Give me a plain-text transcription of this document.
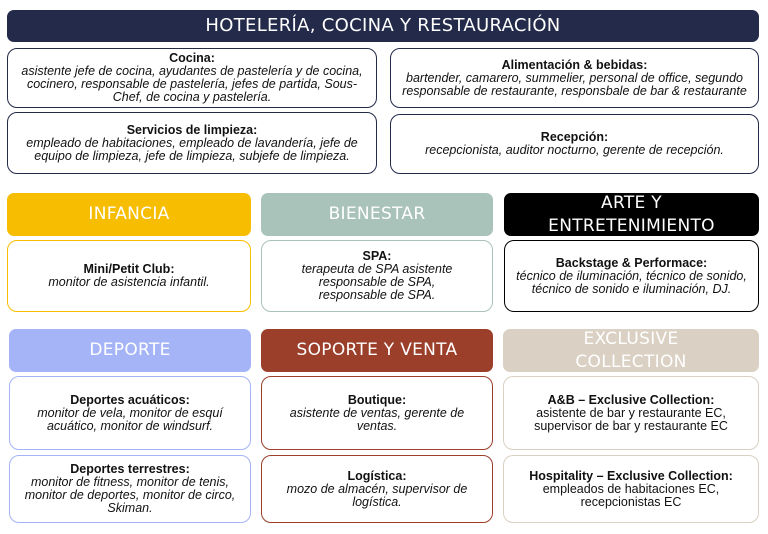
HOTELERÍA, COCINA Y RESTAURACIÓN
Cocina:
asistente jefe de cocina, ayudantes de pastelería y de cocina, cocinero, responsable de pastelería, jefes de partida, Sous-Chef, de cocina y pastelería.
Alimentación & bebidas:
bartender, camarero, summelier, personal de office, segundo responsable de restaurante, responsbale de bar & restaurante
Servicios de limpieza:
empleado de habitaciones, empleado de lavandería, jefe de equipo de limpieza, jefe de limpieza, subjefe de limpieza.
Recepción:
recepcionista, auditor nocturno, gerente de recepción.
INFANCIA	BIENESTAR
ARTE Y ENTRETENIMIENTO
Mini/Petit Club:
monitor de asistencia infantil.
SPA:
terapeuta de SPA asistente responsable de SPA, responsable de SPA.
Backstage & Performace:
técnico de iluminación, técnico de sonido, técnico de sonido e iluminación, DJ.
DEPORTE	SOPORTE Y VENTA
EXCLUSIVE COLLECTION
Deportes acuáticos:
monitor de vela, monitor de esquí acuático, monitor de windsurf.
Boutique:
asistente de ventas, gerente de ventas.
A&B – Exclusive Collection:
asistente de bar y restaurante EC, supervisor de bar y restaurante EC
Deportes terrestres:
monitor de fitness, monitor de tenis, monitor de deportes, monitor de circo, Skiman.
Logística:
mozo de almacén, supervisor de logística.
Hospitality – Exclusive Collection:
empleados de habitaciones EC, recepcionistas EC
